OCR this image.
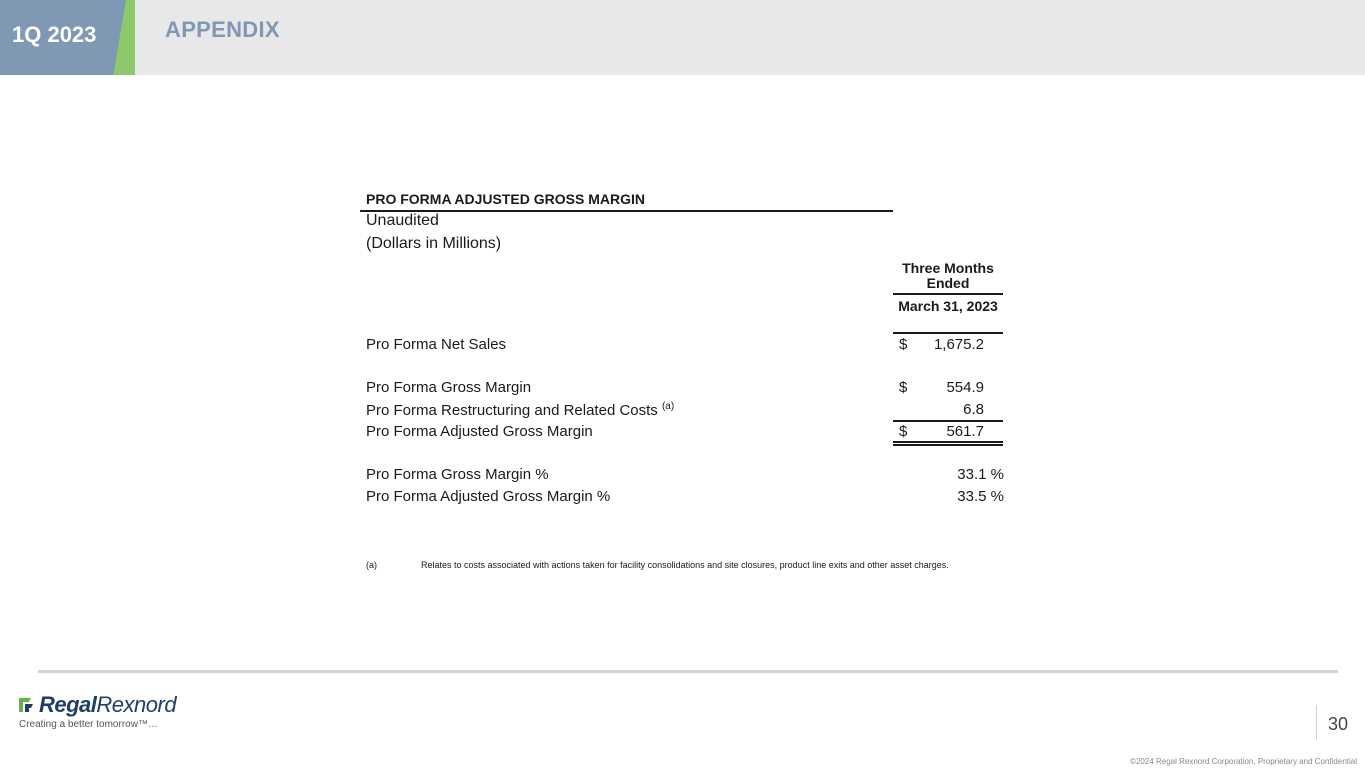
1Q 2023	APPENDIX
PRO FORMA ADJUSTED GROSS MARGIN
Unaudited
(Dollars in Millions)
Three Months Ended
March 31, 2023
Pro Forma Net Sales	$	1,675.2
Pro Forma Gross Margin	$	554.9
Pro Forma Restructuring and Related Costs $^{(a)}$	6.8
Pro Forma Adjusted Gross Margin	$	561.7
Pro Forma Gross Margin %	33.1 %
Pro Forma Adjusted Gross Margin %	33.5 %
(a)	Relates to costs associated with actions taken for facility consolidations and site closures, product line exits and other asset charges.
RegalRexnord
Creating a better tomorrow™…	30
©2024 Regal Rexnord Corporation, Proprietary and Confidential
